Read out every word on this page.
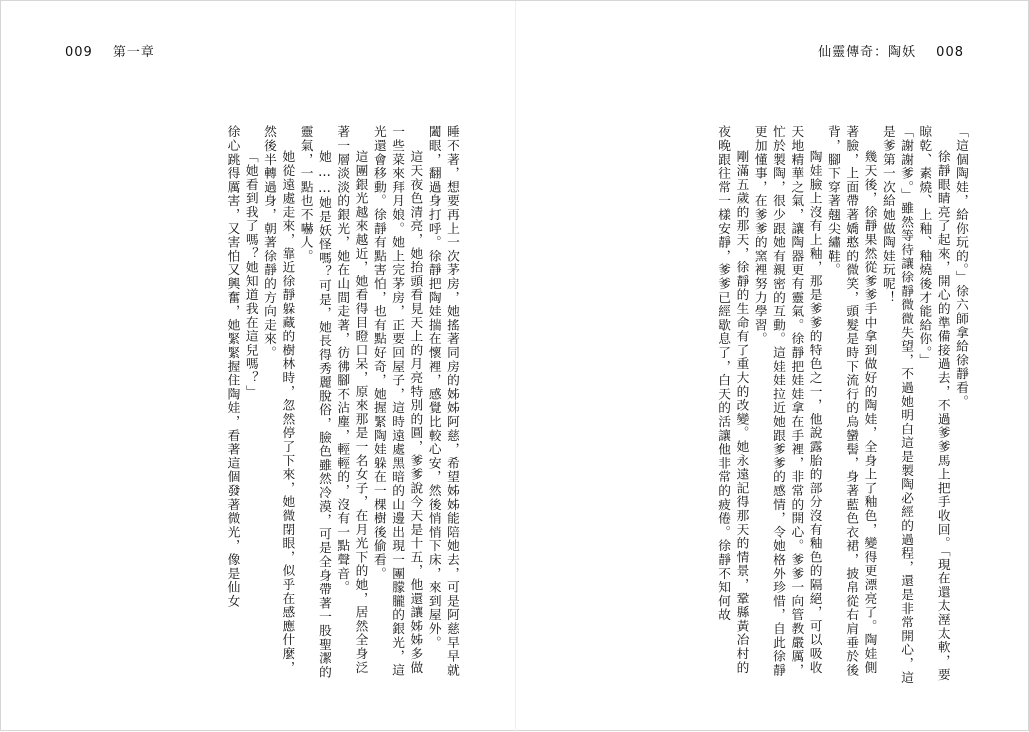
009 第一章	仙靈傳奇：陶妖 008

「這個陶娃，給你玩的。」徐六師拿給徐靜看。

徐靜眼睛亮了起來，開心的準備接過去，不過爹爹馬上把手收回。「現在還太溼太軟，要晾乾、素燒、上釉、釉燒後才能給你。」

「謝謝爹。」雖然等待讓徐靜微微失望，不過她明白這是製陶必經的過程，還是非常開心，這是爹第一次給她做陶娃玩呢！

幾天後，徐靜果然從爹爹手中拿到做好的陶娃，全身上了釉色，變得更漂亮了。陶娃側著臉，上面帶著嬌憨的微笑，頭髮是時下流行的烏蠻髻，身著藍色衣裙，披帛從右肩垂於後背，腳下穿著翹尖繡鞋。

陶娃臉上沒有上釉，那是爹爹的特色之一，他說露胎的部分沒有釉色的隔絕，可以吸收天地精華之氣，讓陶器更有靈氣。徐靜把娃娃拿在手裡，非常的開心。爹爹一向管教嚴厲，忙於製陶，很少跟她有親密的互動。這娃娃拉近她跟爹爹的感情，令她格外珍惜，自此徐靜更加懂事，在爹爹的窯裡努力學習。

剛滿五歲的那天，徐靜的生命有了重大的改變。她永遠記得那天的情景，鞏縣黃冶村的夜晚跟往常一樣安靜，爹爹已經歇息了，白天的活讓他非常的疲倦。徐靜不知何故

睡不著，想要再上一次茅房，她搖著同房的姊姊阿慈，希望姊姊能陪她去，可是阿慈早早就闔眼，翻過身打呼。徐靜把陶娃揣在懷裡，感覺比較心安，然後悄悄下床，來到屋外。

這天夜色清亮，她抬頭看見天上的月亮特別的圓，爹爹說今天是十五，他還讓姊姊多做一些菜來拜月娘。她上完茅房，正要回屋子，這時遠處黑暗的山邊出現一團朦朧的銀光，這光還會移動。徐靜有點害怕，也有點好奇，她握緊陶娃躲在一棵樹後偷看。

這團銀光越來越近，她看得目瞪口呆，原來那是一名女子，在月光下的她，居然全身泛著一層淡淡的銀光，她在山間走著，彷彿腳不沾塵，輕輕的，沒有一點聲音。

她……她是妖怪嗎？可是，她長得秀麗脫俗，臉色雖然冷漠，可是全身帶著一股聖潔的靈氣，一點也不嚇人。

她從遠處走來，靠近徐靜躲藏的樹林時，忽然停了下來，她微閉眼，似乎在感應什麼，然後半轉過身，朝著徐靜的方向走來。

「她看到我了嗎？她知道我在這兒嗎？」

徐心跳得厲害，又害怕又興奮，她緊緊握住陶娃，看著這個發著微光，像是仙女
